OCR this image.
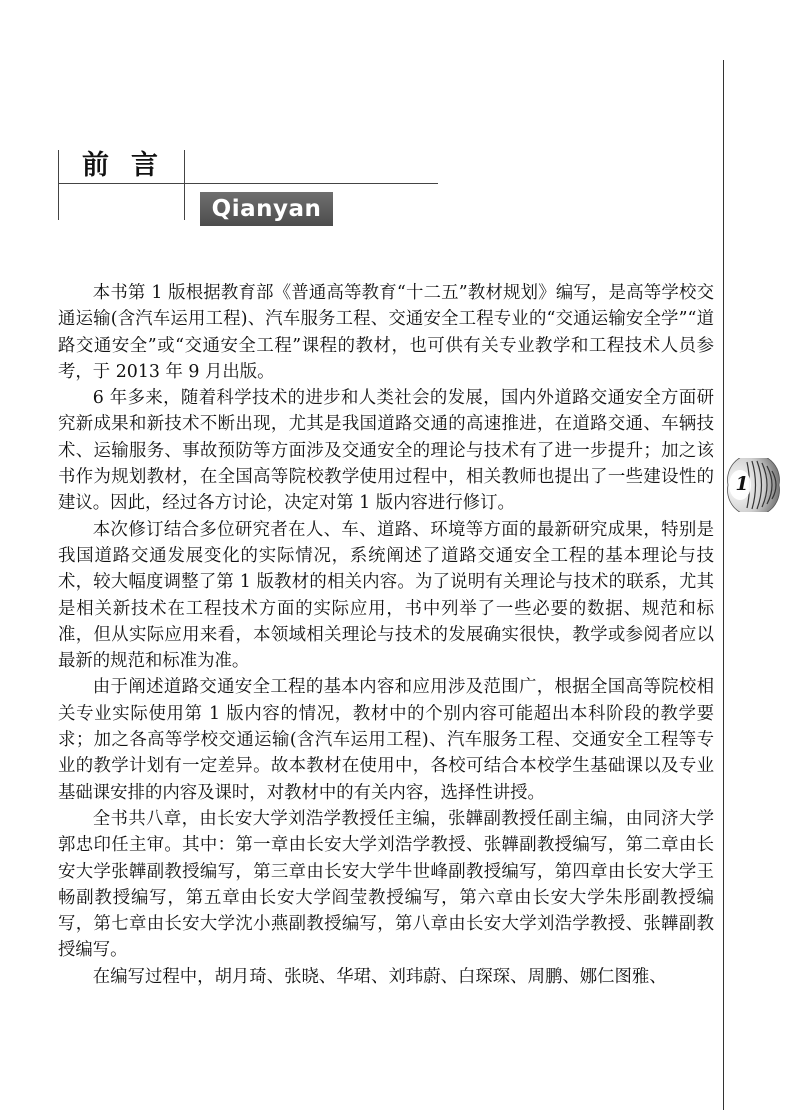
前言
Qianyan

本书第 1 版根据教育部《普通高等教育“十二五”教材规划》编写，是高等学校交通运输(含汽车运用工程)、汽车服务工程、交通安全工程专业的“交通运输安全学”“道路交通安全”或“交通安全工程”课程的教材，也可供有关专业教学和工程技术人员参考，于 2013 年 9 月出版。

6 年多来，随着科学技术的进步和人类社会的发展，国内外道路交通安全方面研究新成果和新技术不断出现，尤其是我国道路交通的高速推进，在道路交通、车辆技术、运输服务、事故预防等方面涉及交通安全的理论与技术有了进一步提升；加之该书作为规划教材，在全国高等院校教学使用过程中，相关教师也提出了一些建设性的建议。因此，经过各方讨论，决定对第 1 版内容进行修订。

本次修订结合多位研究者在人、车、道路、环境等方面的最新研究成果，特别是我国道路交通发展变化的实际情况，系统阐述了道路交通安全工程的基本理论与技术，较大幅度调整了第 1 版教材的相关内容。为了说明有关理论与技术的联系，尤其是相关新技术在工程技术方面的实际应用，书中列举了一些必要的数据、规范和标准，但从实际应用来看，本领域相关理论与技术的发展确实很快，教学或参阅者应以最新的规范和标准为准。

由于阐述道路交通安全工程的基本内容和应用涉及范围广，根据全国高等院校相关专业实际使用第 1 版内容的情况，教材中的个别内容可能超出本科阶段的教学要求；加之各高等学校交通运输(含汽车运用工程)、汽车服务工程、交通安全工程等专业的教学计划有一定差异。故本教材在使用中，各校可结合本校学生基础课以及专业基础课安排的内容及课时，对教材中的有关内容，选择性讲授。

全书共八章，由长安大学刘浩学教授任主编，张韡副教授任副主编，由同济大学郭忠印任主审。其中：第一章由长安大学刘浩学教授、张韡副教授编写，第二章由长安大学张韡副教授编写，第三章由长安大学牛世峰副教授编写，第四章由长安大学王畅副教授编写，第五章由长安大学阎莹教授编写，第六章由长安大学朱彤副教授编写，第七章由长安大学沈小燕副教授编写，第八章由长安大学刘浩学教授、张韡副教授编写。

在编写过程中，胡月琦、张晓、华珺、刘玮蔚、白琛琛、周鹏、娜仁图雅、

1
